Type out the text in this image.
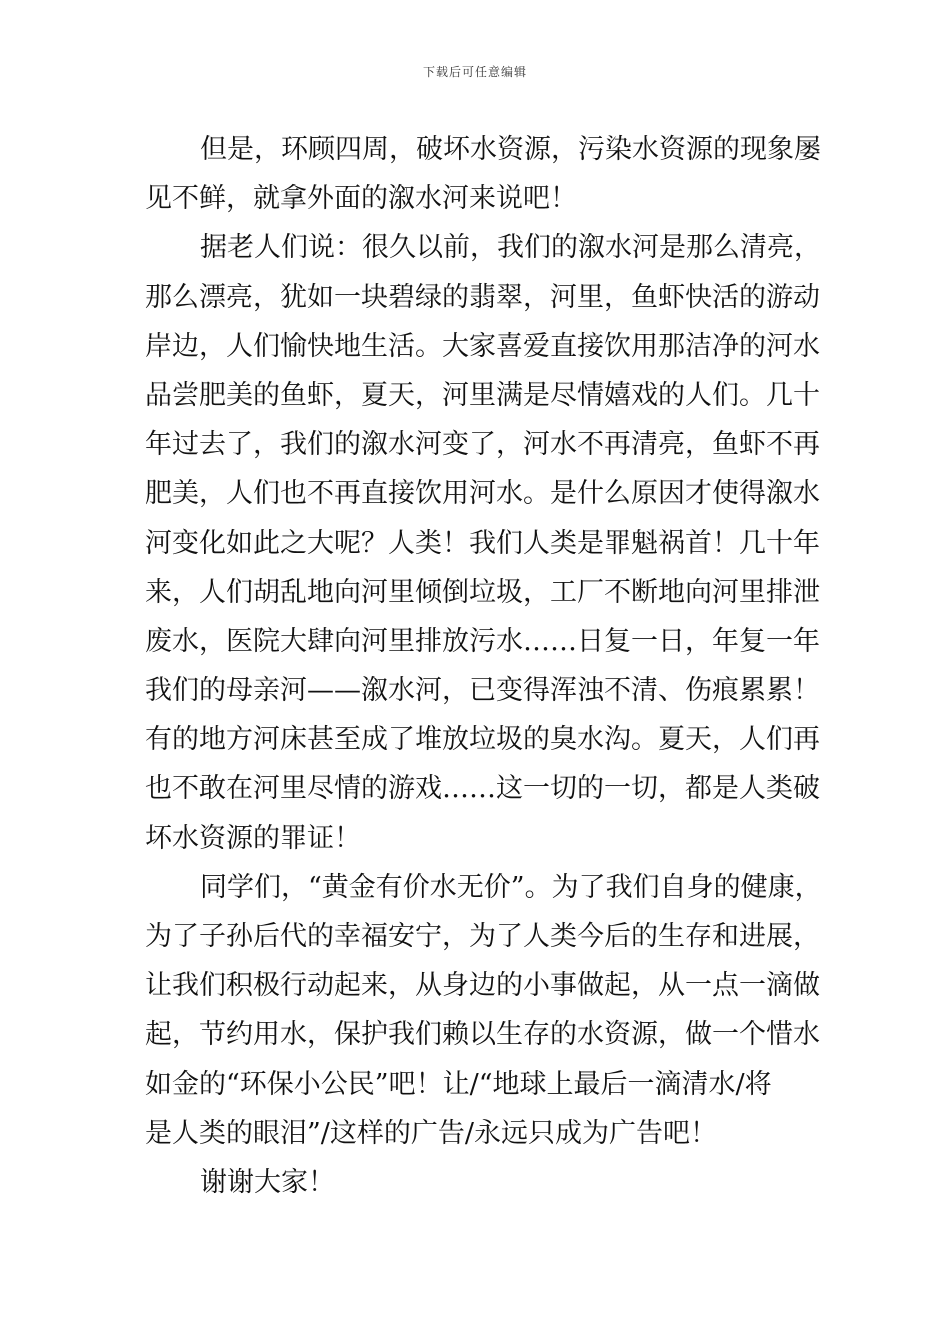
下载后可任意编辑
但是，环顾四周，破坏水资源，污染水资源的现象屡
见不鲜，就拿外面的溆水河来说吧！
据老人们说：很久以前，我们的溆水河是那么清亮，
那么漂亮，犹如一块碧绿的翡翠，河里，鱼虾快活的游动
岸边，人们愉快地生活。大家喜爱直接饮用那洁净的河水
品尝肥美的鱼虾，夏天，河里满是尽情嬉戏的人们。几十
年过去了，我们的溆水河变了，河水不再清亮，鱼虾不再
肥美，人们也不再直接饮用河水。是什么原因才使得溆水
河变化如此之大呢？人类！我们人类是罪魁祸首！几十年
来，人们胡乱地向河里倾倒垃圾，工厂不断地向河里排泄
废水，医院大肆向河里排放污水……日复一日，年复一年
我们的母亲河——溆水河，已变得浑浊不清、伤痕累累！
有的地方河床甚至成了堆放垃圾的臭水沟。夏天，人们再
也不敢在河里尽情的游戏……这一切的一切，都是人类破
坏水资源的罪证！
同学们，“黄金有价水无价”。为了我们自身的健康，
为了子孙后代的幸福安宁，为了人类今后的生存和进展，
让我们积极行动起来，从身边的小事做起，从一点一滴做
起，节约用水，保护我们赖以生存的水资源，做一个惜水
如金的“环保小公民”吧！让/“地球上最后一滴清水/将
是人类的眼泪”/这样的广告/永远只成为广告吧！
谢谢大家！
